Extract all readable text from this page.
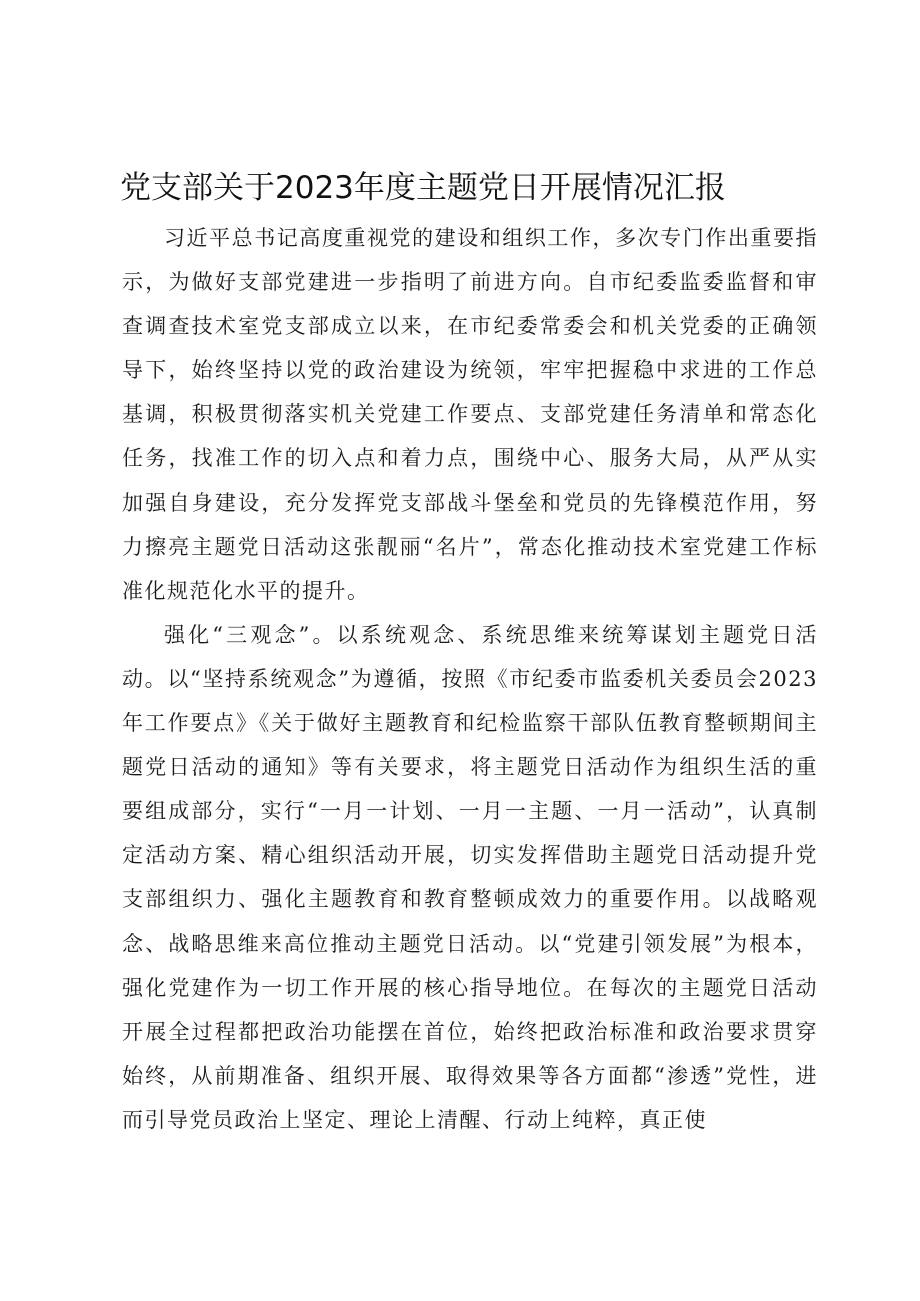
党支部关于2023年度主题党日开展情况汇报

习近平总书记高度重视党的建设和组织工作，多次专门作出重要指示，为做好支部党建进一步指明了前进方向。自市纪委监委监督和审查调查技术室党支部成立以来，在市纪委常委会和机关党委的正确领导下，始终坚持以党的政治建设为统领，牢牢把握稳中求进的工作总基调，积极贯彻落实机关党建工作要点、支部党建任务清单和常态化任务，找准工作的切入点和着力点，围绕中心、服务大局，从严从实加强自身建设，充分发挥党支部战斗堡垒和党员的先锋模范作用，努力擦亮主题党日活动这张靓丽“名片”，常态化推动技术室党建工作标准化规范化水平的提升。

强化“三观念”。以系统观念、系统思维来统筹谋划主题党日活动。以“坚持系统观念”为遵循，按照《市纪委市监委机关委员会2023年工作要点》《关于做好主题教育和纪检监察干部队伍教育整顿期间主题党日活动的通知》等有关要求，将主题党日活动作为组织生活的重要组成部分，实行“一月一计划、一月一主题、一月一活动”，认真制定活动方案、精心组织活动开展，切实发挥借助主题党日活动提升党支部组织力、强化主题教育和教育整顿成效力的重要作用。以战略观念、战略思维来高位推动主题党日活动。以“党建引领发展”为根本，强化党建作为一切工作开展的核心指导地位。在每次的主题党日活动开展全过程都把政治功能摆在首位，始终把政治标准和政治要求贯穿始终，从前期准备、组织开展、取得效果等各方面都“渗透”党性，进而引导党员政治上坚定、理论上清醒、行动上纯粹，真正使
